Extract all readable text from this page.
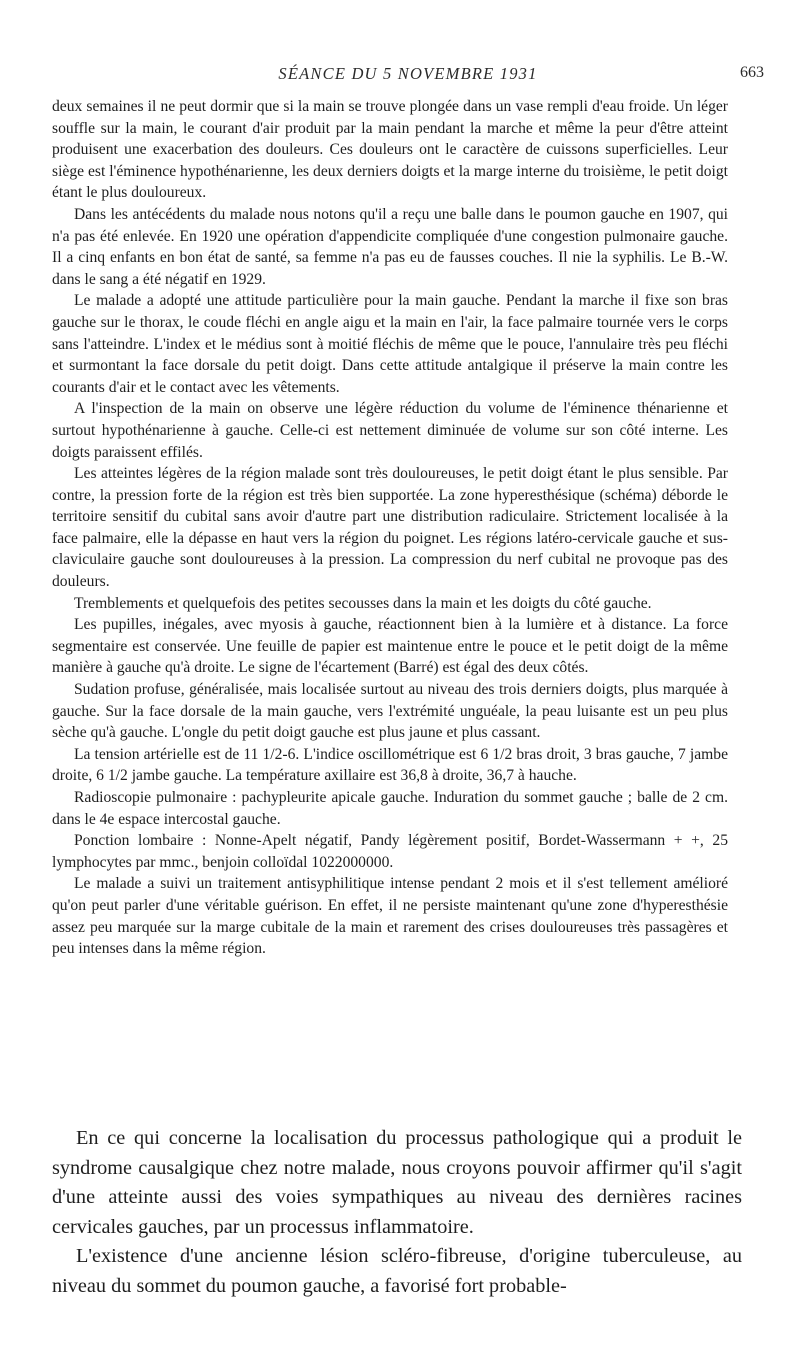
SÉANCE DU 5 NOVEMBRE 1931	663

deux semaines il ne peut dormir que si la main se trouve plongée dans un vase rempli d'eau froide. Un léger souffle sur la main, le courant d'air produit par la main pendant la marche et même la peur d'être atteint produisent une exacerbation des douleurs. Ces douleurs ont le caractère de cuissons superficielles. Leur siège est l'éminence hypothénarienne, les deux derniers doigts et la marge interne du troisième, le petit doigt étant le plus douloureux.

Dans les antécédents du malade nous notons qu'il a reçu une balle dans le poumon gauche en 1907, qui n'a pas été enlevée. En 1920 une opération d'appendicite compliquée d'une congestion pulmonaire gauche. Il a cinq enfants en bon état de santé, sa femme n'a pas eu de fausses couches. Il nie la syphilis. Le B.-W. dans le sang a été négatif en 1929.

Le malade a adopté une attitude particulière pour la main gauche. Pendant la marche il fixe son bras gauche sur le thorax, le coude fléchi en angle aigu et la main en l'air, la face palmaire tournée vers le corps sans l'atteindre. L'index et le médius sont à moitié fléchis de même que le pouce, l'annulaire très peu fléchi et surmontant la face dorsale du petit doigt. Dans cette attitude antalgique il préserve la main contre les courants d'air et le contact avec les vêtements.

A l'inspection de la main on observe une légère réduction du volume de l'éminence thénarienne et surtout hypothénarienne à gauche. Celle-ci est nettement diminuée de volume sur son côté interne. Les doigts paraissent effilés.

Les atteintes légères de la région malade sont très douloureuses, le petit doigt étant le plus sensible. Par contre, la pression forte de la région est très bien supportée. La zone hyperesthésique (schéma) déborde le territoire sensitif du cubital sans avoir d'autre part une distribution radiculaire. Strictement localisée à la face palmaire, elle la dépasse en haut vers la région du poignet. Les régions latéro-cervicale gauche et sus-claviculaire gauche sont douloureuses à la pression. La compression du nerf cubital ne provoque pas des douleurs.

Tremblements et quelquefois des petites secousses dans la main et les doigts du côté gauche.

Les pupilles, inégales, avec myosis à gauche, réactionnent bien à la lumière et à distance. La force segmentaire est conservée. Une feuille de papier est maintenue entre le pouce et le petit doigt de la même manière à gauche qu'à droite. Le signe de l'écartement (Barré) est égal des deux côtés.

Sudation profuse, généralisée, mais localisée surtout au niveau des trois derniers doigts, plus marquée à gauche. Sur la face dorsale de la main gauche, vers l'extrémité unguéale, la peau luisante est un peu plus sèche qu'à gauche. L'ongle du petit doigt gauche est plus jaune et plus cassant.

La tension artérielle est de 11 1/2-6. L'indice oscillométrique est 6 1/2 bras droit, 3 bras gauche, 7 jambe droite, 6 1/2 jambe gauche. La température axillaire est 36,8 à droite, 36,7 à hauche.

Radioscopie pulmonaire : pachypleurite apicale gauche. Induration du sommet gauche ; balle de 2 cm. dans le 4e espace intercostal gauche.

Ponction lombaire : Nonne-Apelt négatif, Pandy légèrement positif, Bordet-Wassermann + +, 25 lymphocytes par mmc., benjoin colloïdal 1022000000.

Le malade a suivi un traitement antisyphilitique intense pendant 2 mois et il s'est tellement amélioré qu'on peut parler d'une véritable guérison. En effet, il ne persiste maintenant qu'une zone d'hyperesthésie assez peu marquée sur la marge cubitale de la main et rarement des crises douloureuses très passagères et peu intenses dans la même région.

En ce qui concerne la localisation du processus pathologique qui a produit le syndrome causalgique chez notre malade, nous croyons pouvoir affirmer qu'il s'agit d'une atteinte aussi des voies sympathiques au niveau des dernières racines cervicales gauches, par un processus inflammatoire.

L'existence d'une ancienne lésion scléro-fibreuse, d'origine tuberculeuse, au niveau du sommet du poumon gauche, a favorisé fort probable-
